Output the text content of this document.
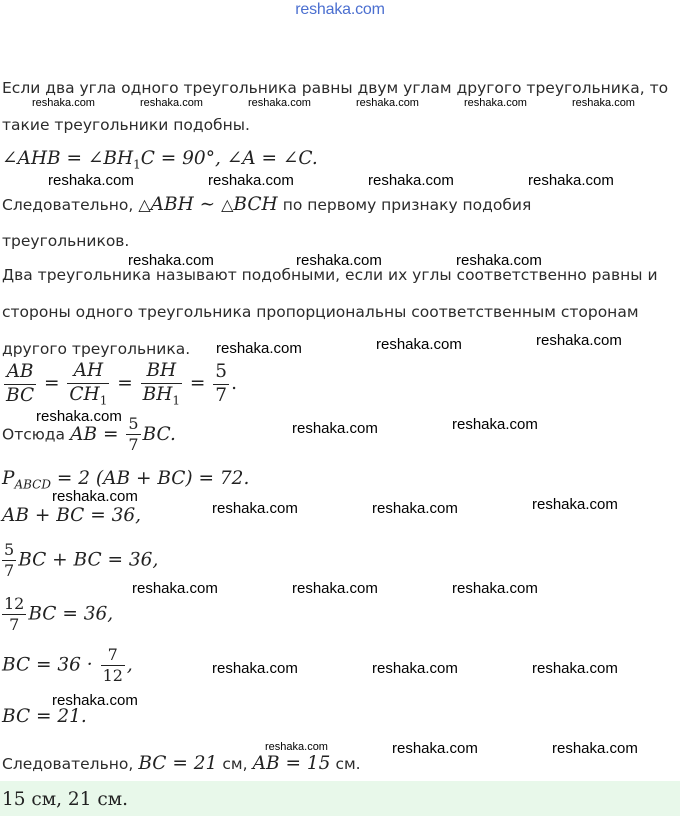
reshaka.com
Если два угла одного треугольника равны двум углам другого треугольника, то
такие треугольники подобны.
∠AHB = $\angle BH_1C = 90^\circ$, ∠A = ∠C.
Следовательно, △ABH ∼ △BCH по первому признаку подобия
треугольников.
Два треугольника называют подобными, если их углы соответственно равны и
стороны одного треугольника пропорциональны соответственным сторонам
другого треугольника.
$\frac{AB}{BC} = \frac{AH}{CH_1} = \frac{BH}{BH_1} = \frac{5}{7}$ .
Отсюда AB = $\frac{5}{7}$ BC.
$P_{ABCD} = 2$ (AB + BC) = 72.
AB + BC = 36,
$\frac{5}{7}$ BC + BC = 36,
$\frac{12}{7}$ BC = 36,
BC = $36 \cdot \frac{7}{12}$ ,
BC = 21.
Следовательно, BC = 21 см, AB = 15 см.
15 см, 21 см.
reshaka.com	reshaka.com	reshaka.com	reshaka.com	reshaka.com	reshaka.com
reshaka.com
reshaka.com	reshaka.com	reshaka.com	reshaka.com
reshaka.com	reshaka.com	reshaka.com
reshaka.com	reshaka.com	reshaka.com
reshaka.com
reshaka.com	reshaka.com
reshaka.com
reshaka.com	reshaka.com	reshaka.com
reshaka.com	reshaka.com	reshaka.com
reshaka.com	reshaka.com	reshaka.com
reshaka.com
reshaka.com	reshaka.com
